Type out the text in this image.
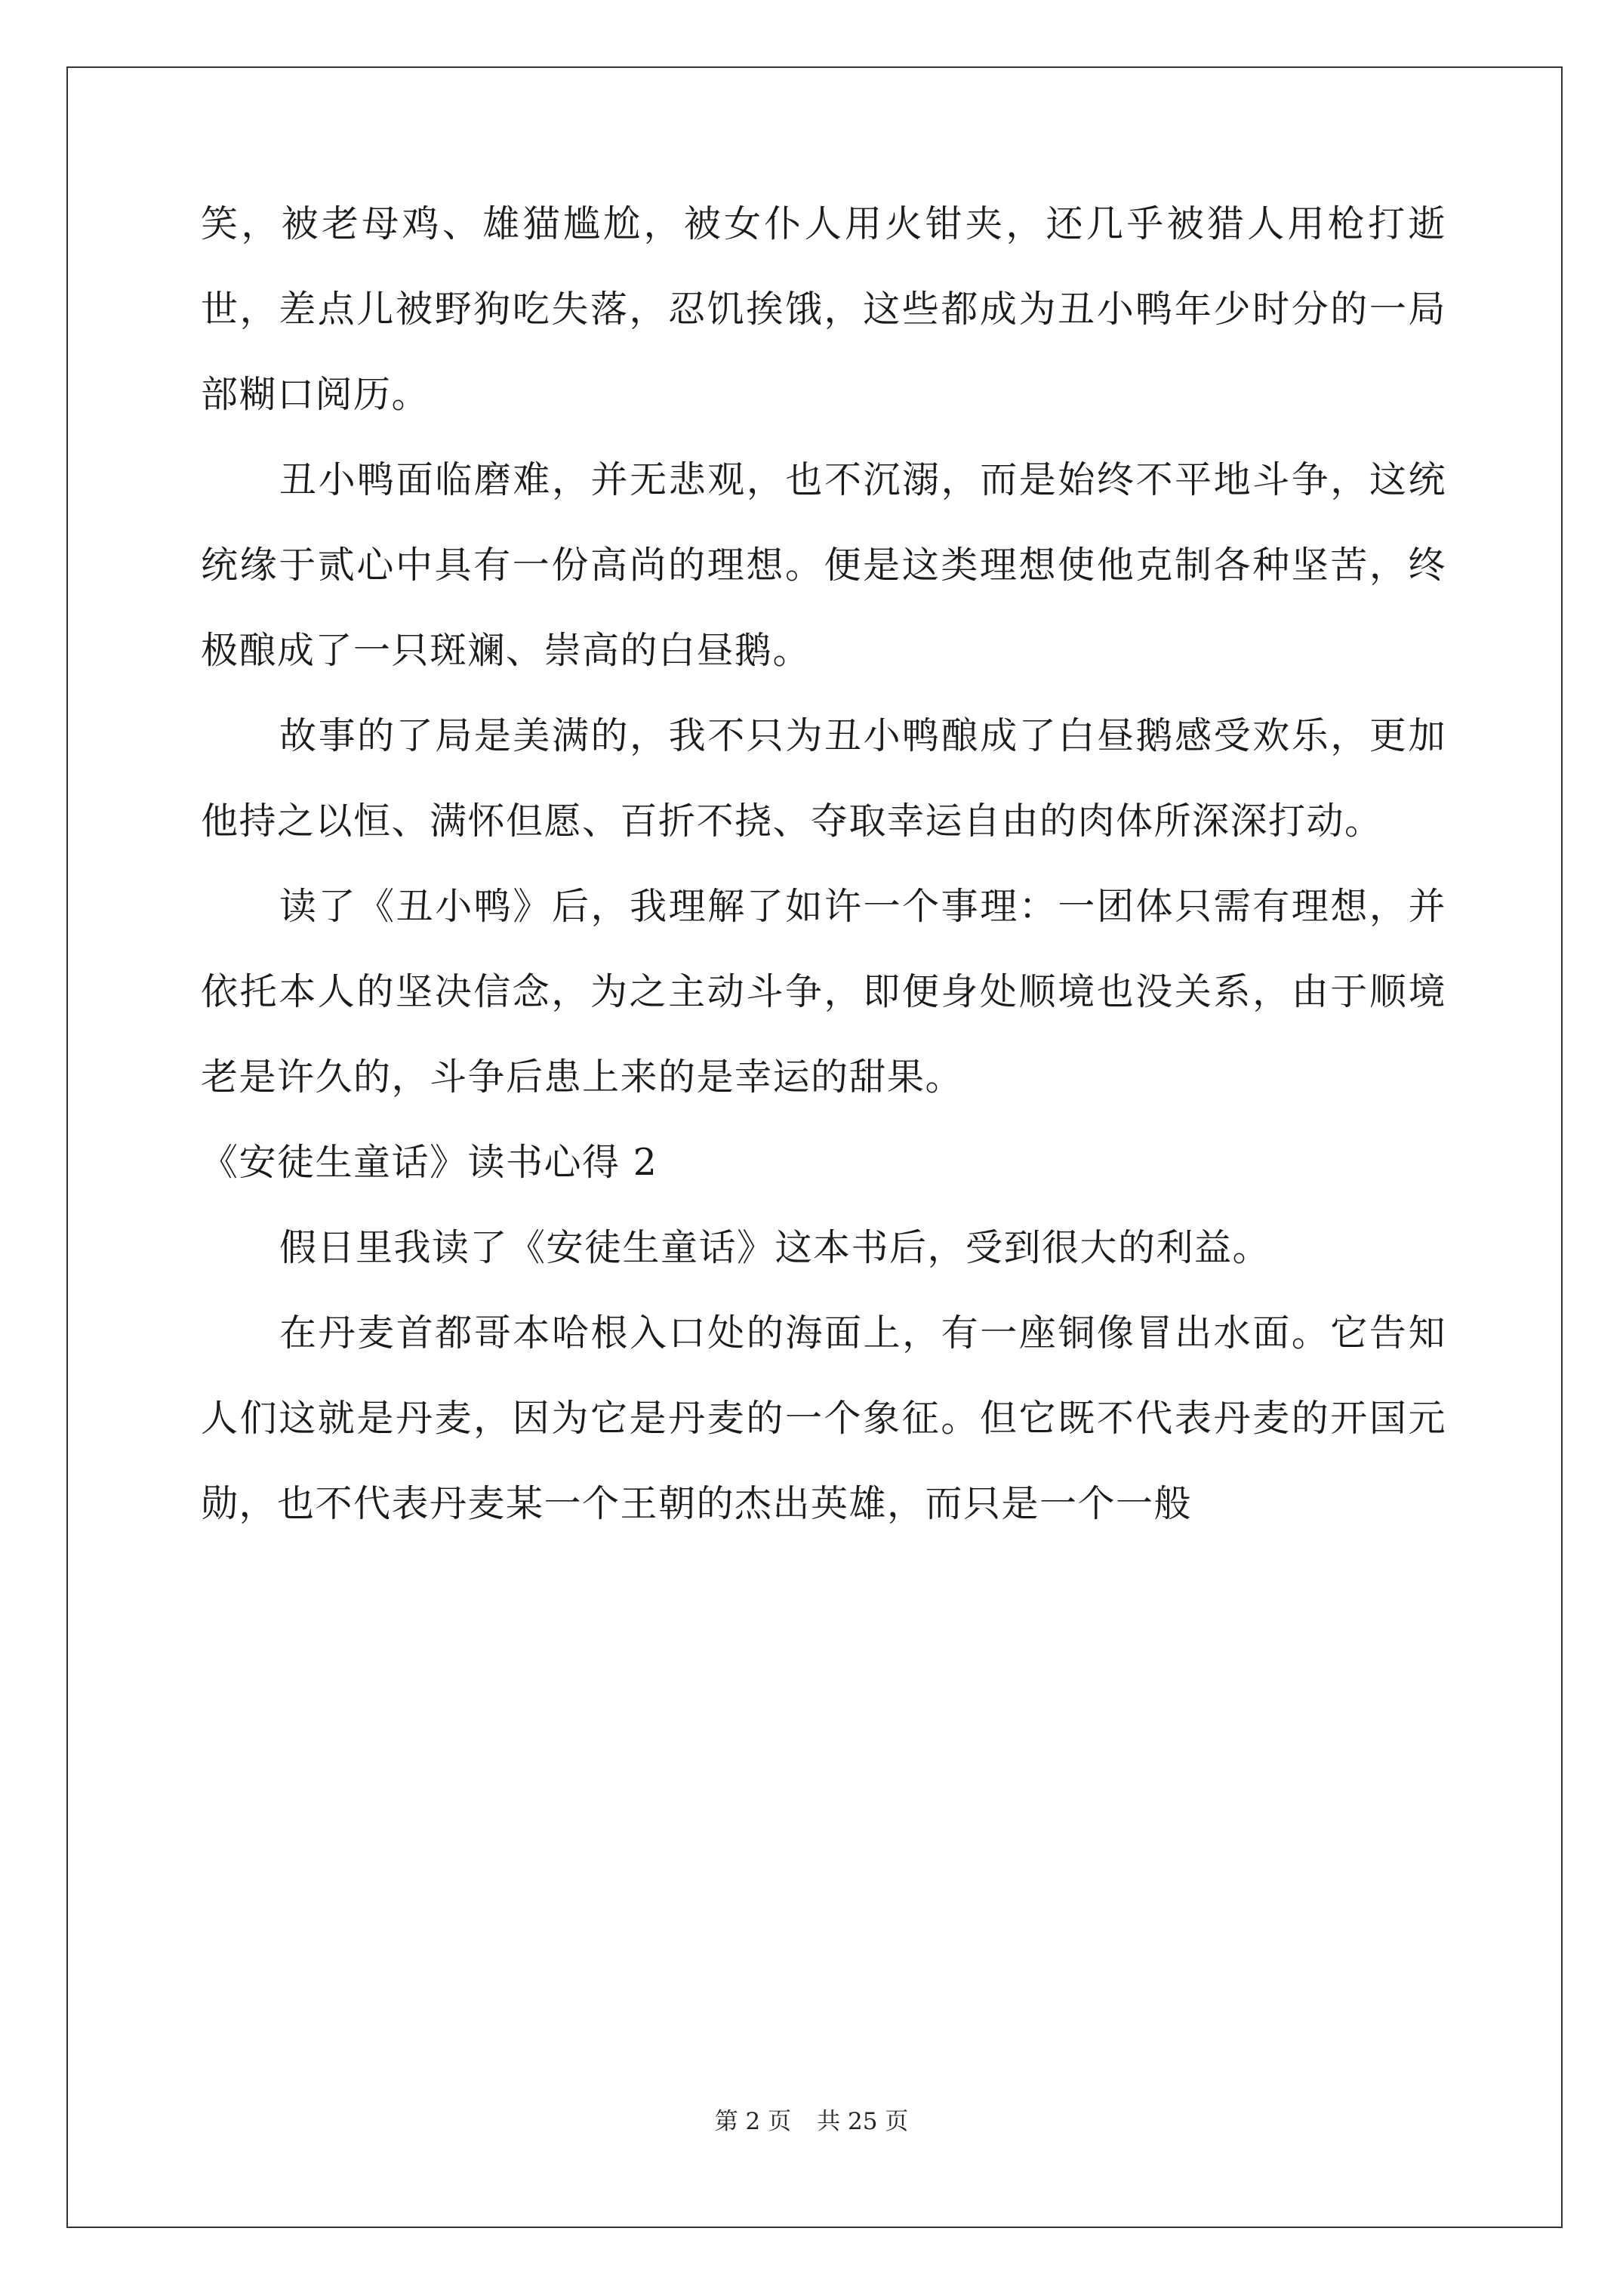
笑，被老母鸡、雄猫尴尬，被女仆人用火钳夹，还几乎被猎人用枪打逝世，差点儿被野狗吃失落，忍饥挨饿，这些都成为丑小鸭年少时分的一局部糊口阅历。

丑小鸭面临磨难，并无悲观，也不沉溺，而是始终不平地斗争，这统统缘于贰心中具有一份高尚的理想。便是这类理想使他克制各种坚苦，终极酿成了一只斑斓、崇高的白昼鹅。

故事的了局是美满的，我不只为丑小鸭酿成了白昼鹅感受欢乐，更加他持之以恒、满怀但愿、百折不挠、夺取幸运自由的肉体所深深打动。

读了《丑小鸭》后，我理解了如许一个事理：一团体只需有理想，并依托本人的坚决信念，为之主动斗争，即便身处顺境也没关系，由于顺境老是许久的，斗争后患上来的是幸运的甜果。

《安徒生童话》读书心得 2

假日里我读了《安徒生童话》这本书后，受到很大的利益。

在丹麦首都哥本哈根入口处的海面上，有一座铜像冒出水面。它告知人们这就是丹麦，因为它是丹麦的一个象征。但它既不代表丹麦的开国元勋，也不代表丹麦某一个王朝的杰出英雄，而只是一个一般

第 2 页 共 25 页
